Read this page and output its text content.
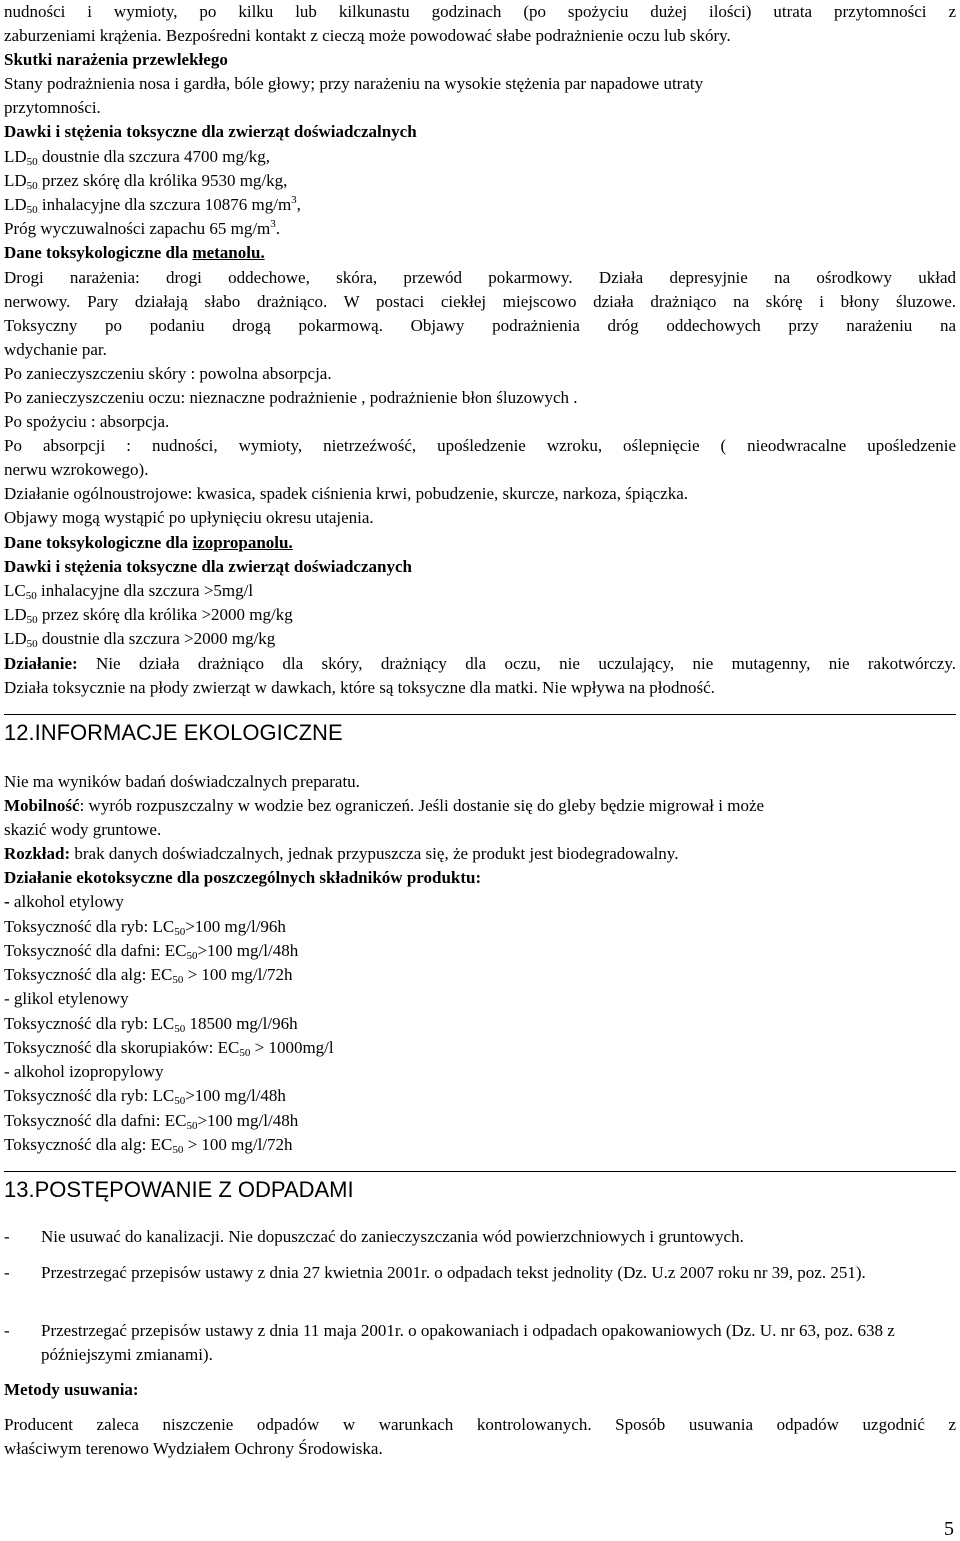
nudności i wymioty, po kilku lub kilkunastu godzinach (po spożyciu dużej ilości) utrata przytomności z
zaburzeniami krążenia. Bezpośredni kontakt z cieczą może powodować słabe podrażnienie oczu lub skóry.
Skutki narażenia przewlekłego
Stany podrażnienia nosa i gardła, bóle głowy; przy narażeniu na wysokie stężenia par napadowe utraty
przytomności.
Dawki i stężenia toksyczne dla zwierząt doświadczalnych
$LD_{50}$ doustnie dla szczura 4700 mg/kg,
$LD_{50}$ przez skórę dla królika 9530 mg/kg,
$LD_{50}$ inhalacyjne dla szczura 10876 $mg/m^3$,
Próg wyczuwalności zapachu 65 $mg/m^3$.
Dane toksykologiczne dla metanolu.
Drogi narażenia: drogi oddechowe, skóra, przewód pokarmowy. Działa depresyjnie na ośrodkowy układ
nerwowy. Pary działają słabo drażniąco. W postaci ciekłej miejscowo działa drażniąco na skórę i błony śluzowe.
Toksyczny po podaniu drogą pokarmową. Objawy podrażnienia dróg oddechowych przy narażeniu na
wdychanie par.
Po zanieczyszczeniu skóry : powolna absorpcja.
Po zanieczyszczeniu oczu: nieznaczne podrażnienie , podrażnienie błon śluzowych .
Po spożyciu : absorpcja.
Po absorpcji : nudności, wymioty, nietrzeźwość, upośledzenie wzroku, oślepnięcie ( nieodwracalne upośledzenie
nerwu wzrokowego).
Działanie ogólnoustrojowe: kwasica, spadek ciśnienia krwi, pobudzenie, skurcze, narkoza, śpiączka.
Objawy mogą wystąpić po upłynięciu okresu utajenia.
Dane toksykologiczne dla izopropanolu.
Dawki i stężenia toksyczne dla zwierząt doświadczanych
$LC_{50}$ inhalacyjne dla szczura >5mg/l
$LD_{50}$ przez skórę dla królika >2000 mg/kg
$LD_{50}$ doustnie dla szczura >2000 mg/kg
Działanie: Nie działa drażniąco dla skóry, drażniący dla oczu, nie uczulający, nie mutagenny, nie rakotwórczy.
Działa toksycznie na płody zwierząt w dawkach, które są toksyczne dla matki. Nie wpływa na płodność.
12.INFORMACJE EKOLOGICZNE
Nie ma wyników badań doświadczalnych preparatu.
Mobilność: wyrób rozpuszczalny w wodzie bez ograniczeń. Jeśli dostanie się do gleby będzie migrował i może
skazić wody gruntowe.
Rozkład: brak danych doświadczalnych, jednak przypuszcza się, że produkt jest biodegradowalny.
Działanie ekotoksyczne dla poszczególnych składników produktu:
- alkohol etylowy
Toksyczność dla ryb: $LC_{50}>100$ mg/l/96h
Toksyczność dla dafni: $EC_{50}>100$ mg/l/48h
Toksyczność dla alg: $EC_{50} > 100$ mg/l/72h
- glikol etylenowy
Toksyczność dla ryb: $LC_{50}$ 18500 mg/l/96h
Toksyczność dla skorupiaków: $EC_{50} > 1000mg/l$
- alkohol izopropylowy
Toksyczność dla ryb: $LC_{50}>100$ mg/l/48h
Toksyczność dla dafni: $EC_{50}>100$ mg/l/48h
Toksyczność dla alg: $EC_{50} > 100$ mg/l/72h
13.POSTĘPOWANIE Z ODPADAMI
- Nie usuwać do kanalizacji. Nie dopuszczać do zanieczyszczania wód powierzchniowych i gruntowych.
- Przestrzegać przepisów ustawy z dnia 27 kwietnia 2001r. o odpadach tekst jednolity (Dz. U.z 2007 roku nr 39, poz. 251).
- Przestrzegać przepisów ustawy z dnia 11 maja 2001r. o opakowaniach i odpadach opakowaniowych (Dz. U. nr 63, poz. 638 z późniejszymi zmianami).
Metody usuwania:
Producent zaleca niszczenie odpadów w warunkach kontrolowanych. Sposób usuwania odpadów uzgodnić z
właściwym terenowo Wydziałem Ochrony Środowiska.
5
